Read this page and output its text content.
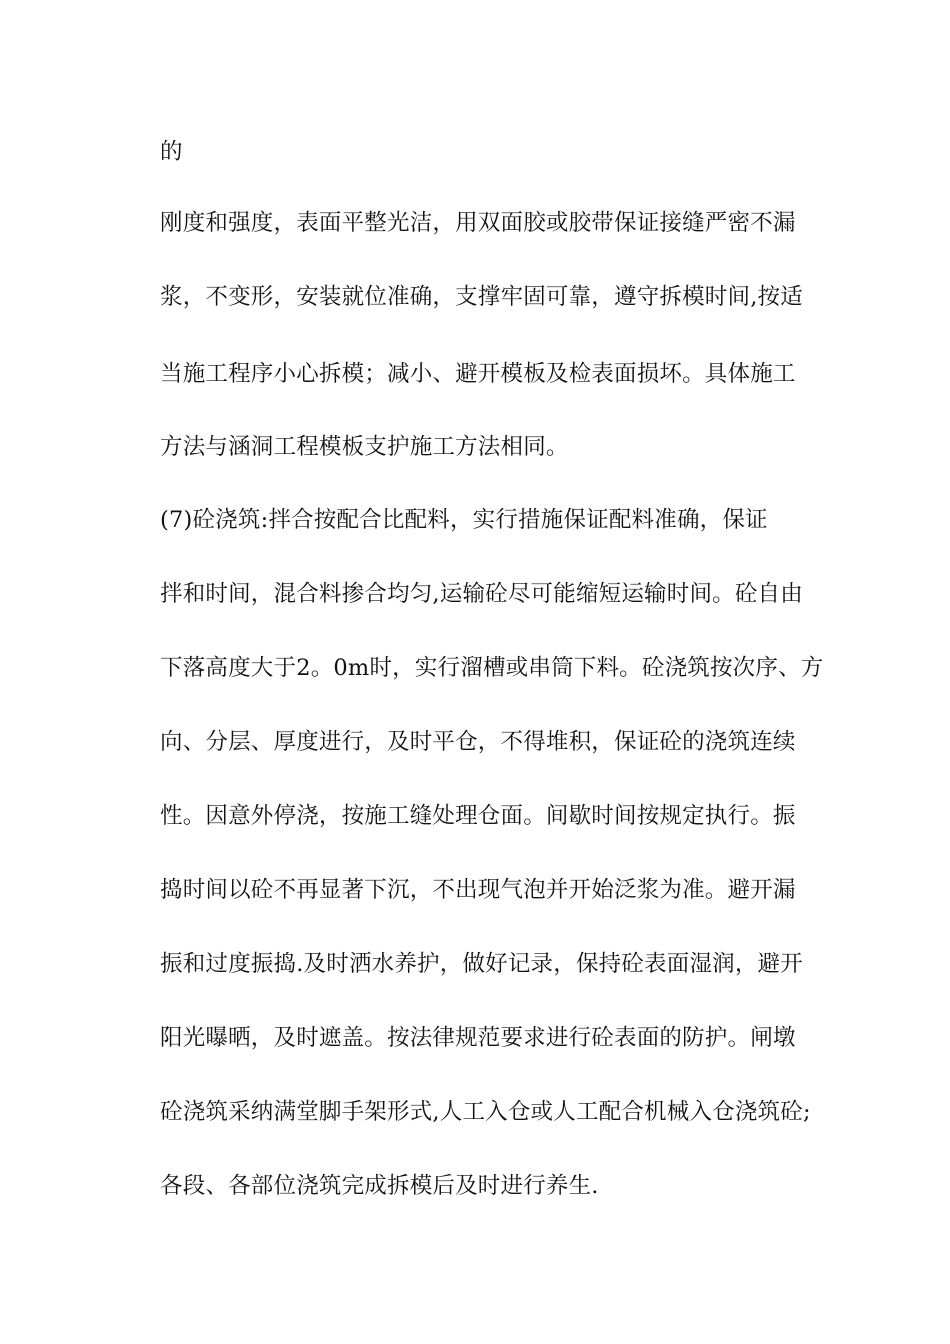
的
刚度和强度，表面平整光洁，用双面胶或胶带保证接缝严密不漏
浆，不变形，安装就位准确，支撑牢固可靠，遵守拆模时间,按适
当施工程序小心拆模；减小、避开模板及检表面损坏。具体施工
方法与涵洞工程模板支护施工方法相同。
(7)砼浇筑:拌合按配合比配料，实行措施保证配料准确，保证
拌和时间，混合料掺合均匀,运输砼尽可能缩短运输时间。砼自由
下落高度大于2。0m时，实行溜槽或串筒下料。砼浇筑按次序、方
向、分层、厚度进行，及时平仓，不得堆积，保证砼的浇筑连续
性。因意外停浇，按施工缝处理仓面。间歇时间按规定执行。振
捣时间以砼不再显著下沉，不出现气泡并开始泛浆为准。避开漏
振和过度振捣.及时洒水养护，做好记录，保持砼表面湿润，避开
阳光曝晒，及时遮盖。按法律规范要求进行砼表面的防护。闸墩
砼浇筑采纳满堂脚手架形式,人工入仓或人工配合机械入仓浇筑砼;
各段、各部位浇筑完成拆模后及时进行养生.
